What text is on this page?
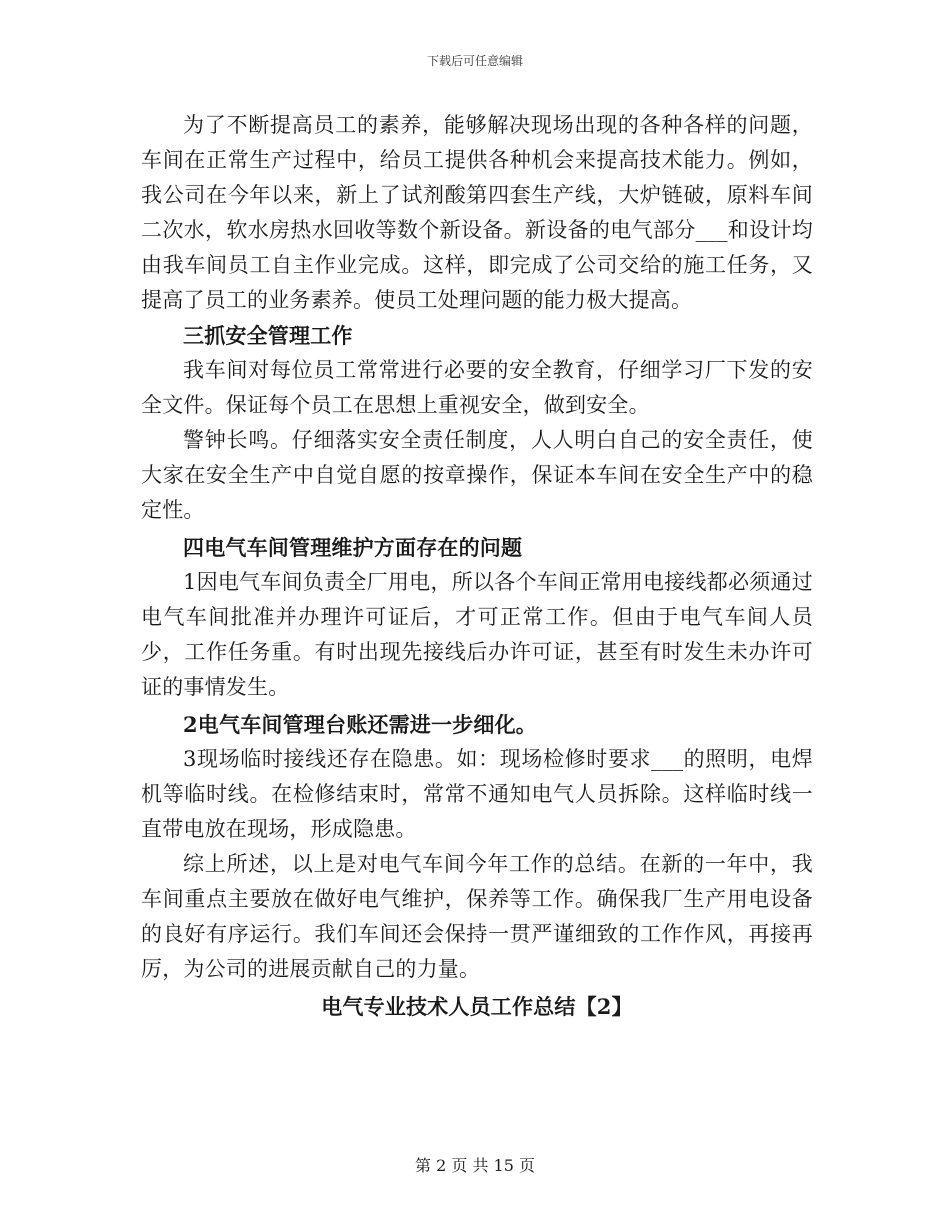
下载后可任意编辑

为了不断提高员工的素养，能够解决现场出现的各种各样的问题，车间在正常生产过程中，给员工提供各种机会来提高技术能力。例如，我公司在今年以来，新上了试剂酸第四套生产线，大炉链破，原料车间二次水，软水房热水回收等数个新设备。新设备的电气部分___和设计均由我车间员工自主作业完成。这样，即完成了公司交给的施工任务，又提高了员工的业务素养。使员工处理问题的能力极大提高。

三抓安全管理工作

我车间对每位员工常常进行必要的安全教育，仔细学习厂下发的安全文件。保证每个员工在思想上重视安全，做到安全。

警钟长鸣。仔细落实安全责任制度，人人明白自己的安全责任，使大家在安全生产中自觉自愿的按章操作，保证本车间在安全生产中的稳定性。

四电气车间管理维护方面存在的问题

1因电气车间负责全厂用电，所以各个车间正常用电接线都必须通过电气车间批准并办理许可证后，才可正常工作。但由于电气车间人员少，工作任务重。有时出现先接线后办许可证，甚至有时发生未办许可证的事情发生。

2电气车间管理台账还需进一步细化。

3现场临时接线还存在隐患。如：现场检修时要求___的照明，电焊机等临时线。在检修结束时，常常不通知电气人员拆除。这样临时线一直带电放在现场，形成隐患。

综上所述，以上是对电气车间今年工作的总结。在新的一年中，我车间重点主要放在做好电气维护，保养等工作。确保我厂生产用电设备的良好有序运行。我们车间还会保持一贯严谨细致的工作作风，再接再厉，为公司的进展贡献自己的力量。

电气专业技术人员工作总结【2】

第 2 页 共 15 页
